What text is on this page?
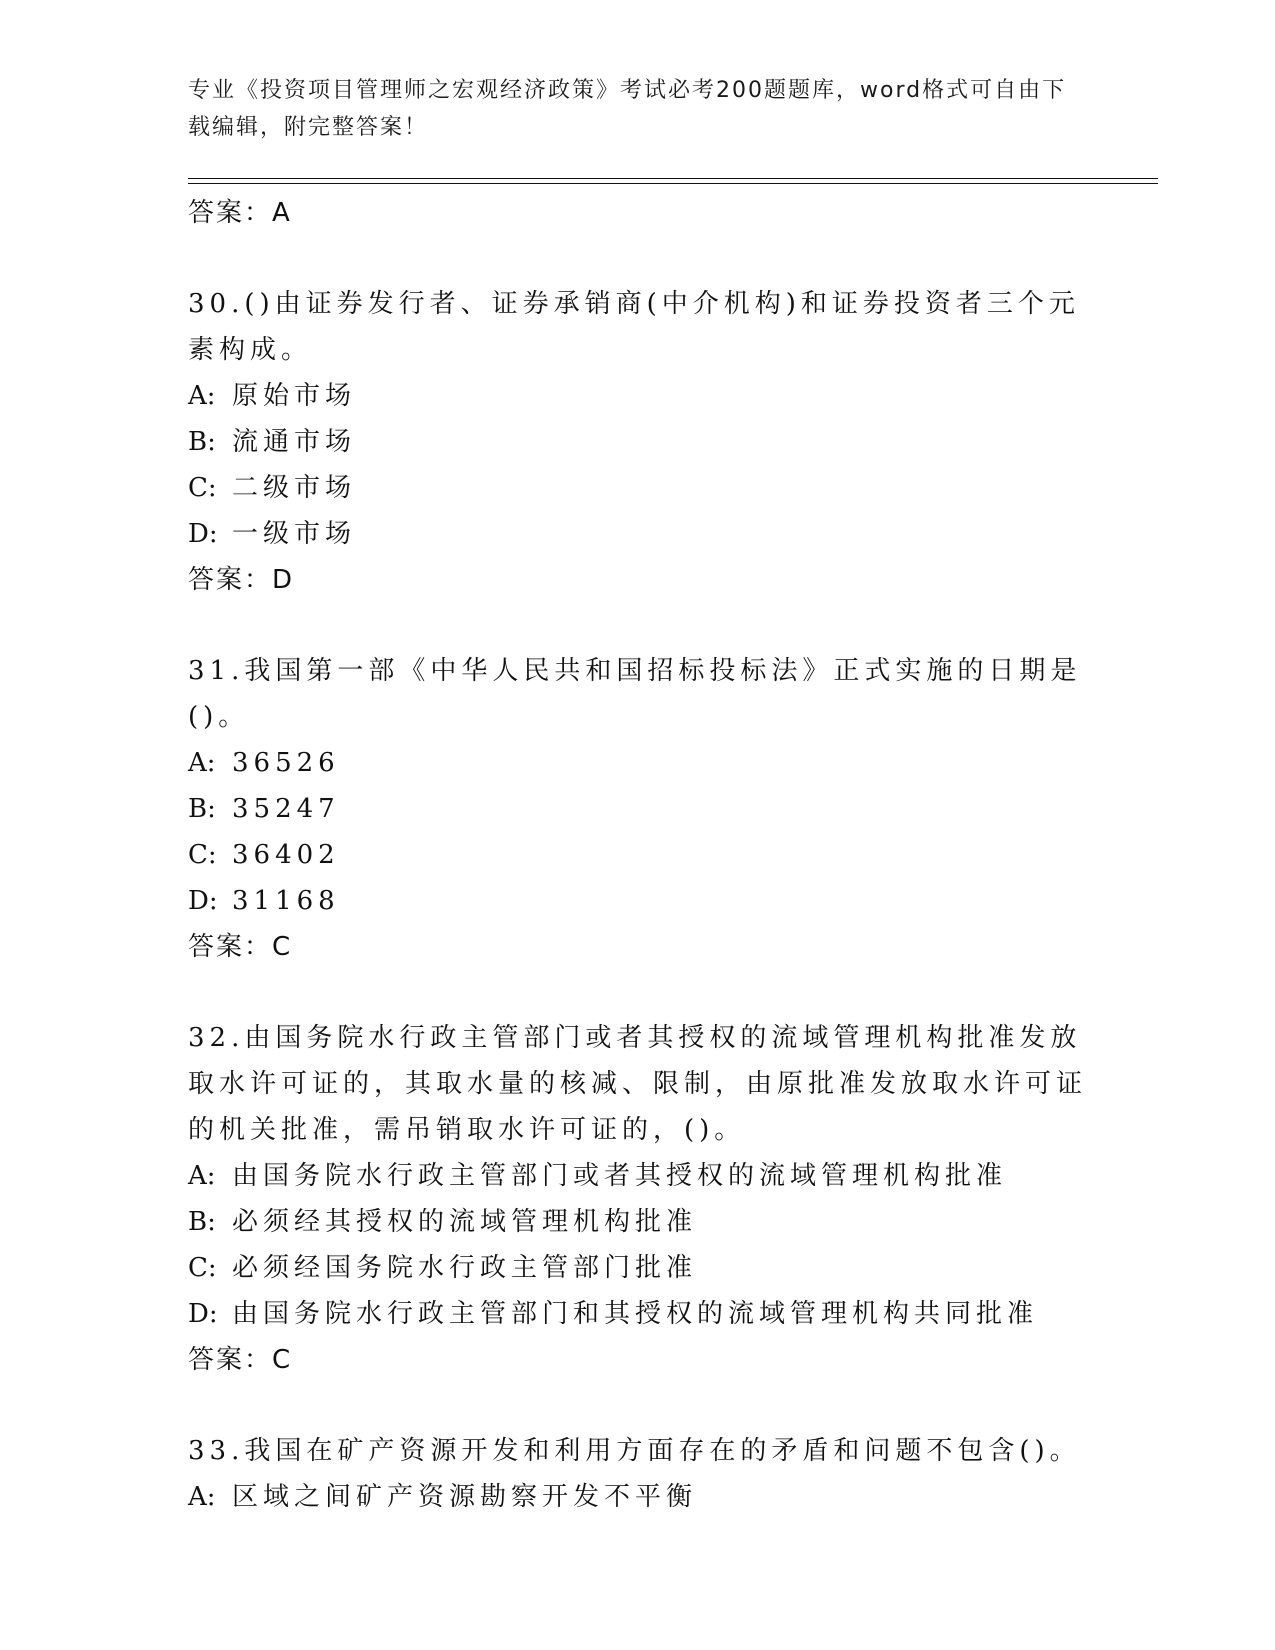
专业《投资项目管理师之宏观经济政策》考试必考200题题库，word格式可自由下载编辑，附完整答案！
答案：A

30.()由证券发行者、证券承销商(中介机构)和证券投资者三个元素构成。

A: 原始市场
B: 流通市场
C: 二级市场
D: 一级市场
答案：D

31.我国第一部《中华人民共和国招标投标法》正式实施的日期是()。

A: 36526
B: 35247
C: 36402
D: 31168
答案：C

32.由国务院水行政主管部门或者其授权的流域管理机构批准发放取水许可证的，其取水量的核减、限制，由原批准发放取水许可证的机关批准，需吊销取水许可证的，()。

A: 由国务院水行政主管部门或者其授权的流域管理机构批准
B: 必须经其授权的流域管理机构批准
C: 必须经国务院水行政主管部门批准
D: 由国务院水行政主管部门和其授权的流域管理机构共同批准
答案：C

33.我国在矿产资源开发和利用方面存在的矛盾和问题不包含()。

A: 区域之间矿产资源勘察开发不平衡
